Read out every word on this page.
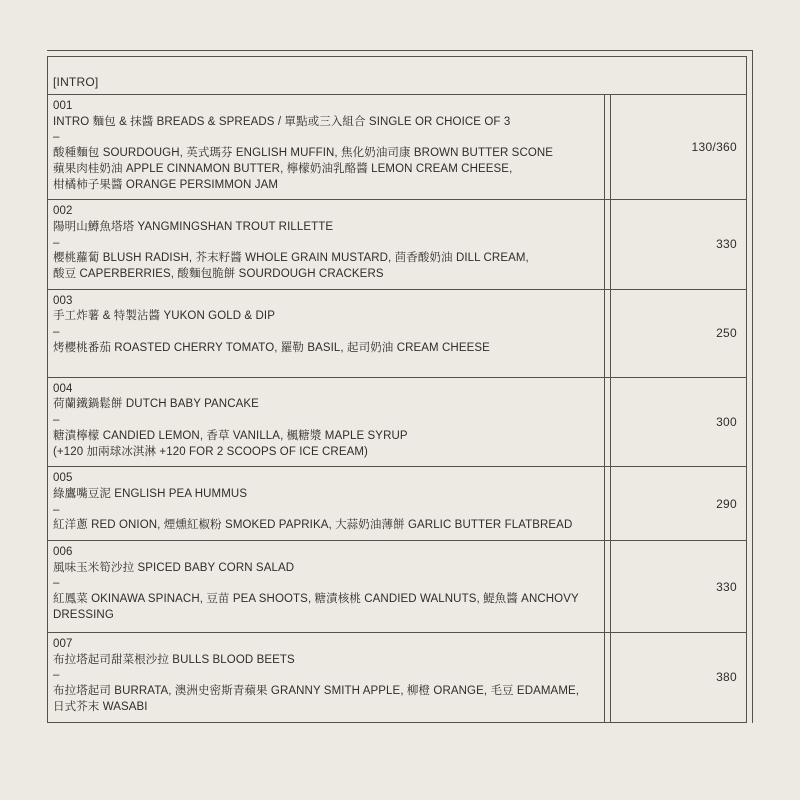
[INTRO]
001
INTRO 麵包 & 抹醬 BREADS & SPREADS / 單點或三入組合 SINGLE OR CHOICE OF 3
–
酸種麵包 SOURDOUGH, 英式瑪芬 ENGLISH MUFFIN, 焦化奶油司康 BROWN BUTTER SCONE
蘋果肉桂奶油 APPLE CINNAMON BUTTER, 檸檬奶油乳酪醬 LEMON CREAM CHEESE,
柑橘柿子果醬 ORANGE PERSIMMON JAM
130/360
002
陽明山鱒魚塔塔 YANGMINGSHAN TROUT RILLETTE
–
櫻桃蘿蔔 BLUSH RADISH, 芥末籽醬 WHOLE GRAIN MUSTARD, 茴香酸奶油 DILL CREAM,
酸豆 CAPERBERRIES, 酸麵包脆餅 SOURDOUGH CRACKERS
330
003
手工炸薯 & 特製沾醬 YUKON GOLD & DIP
–
烤櫻桃番茄 ROASTED CHERRY TOMATO, 羅勒 BASIL, 起司奶油 CREAM CHEESE
250
004
荷蘭鐵鍋鬆餅 DUTCH BABY PANCAKE
–
糖漬檸檬 CANDIED LEMON, 香草 VANILLA, 楓糖漿 MAPLE SYRUP
(+120 加兩球冰淇淋 +120 FOR 2 SCOOPS OF ICE CREAM)
300
005
綠鷹嘴豆泥 ENGLISH PEA HUMMUS
–
紅洋蔥 RED ONION, 煙燻紅椒粉 SMOKED PAPRIKA, 大蒜奶油薄餅 GARLIC BUTTER FLATBREAD
290
006
風味玉米筍沙拉 SPICED BABY CORN SALAD
–
紅鳳菜 OKINAWA SPINACH, 豆苗 PEA SHOOTS, 糖漬核桃 CANDIED WALNUTS, 鯷魚醬 ANCHOVY DRESSING
330
007
布拉塔起司甜菜根沙拉 BULLS BLOOD BEETS
–
布拉塔起司 BURRATA, 澳洲史密斯青蘋果 GRANNY SMITH APPLE, 柳橙 ORANGE, 毛豆 EDAMAME,
日式芥末 WASABI
380
